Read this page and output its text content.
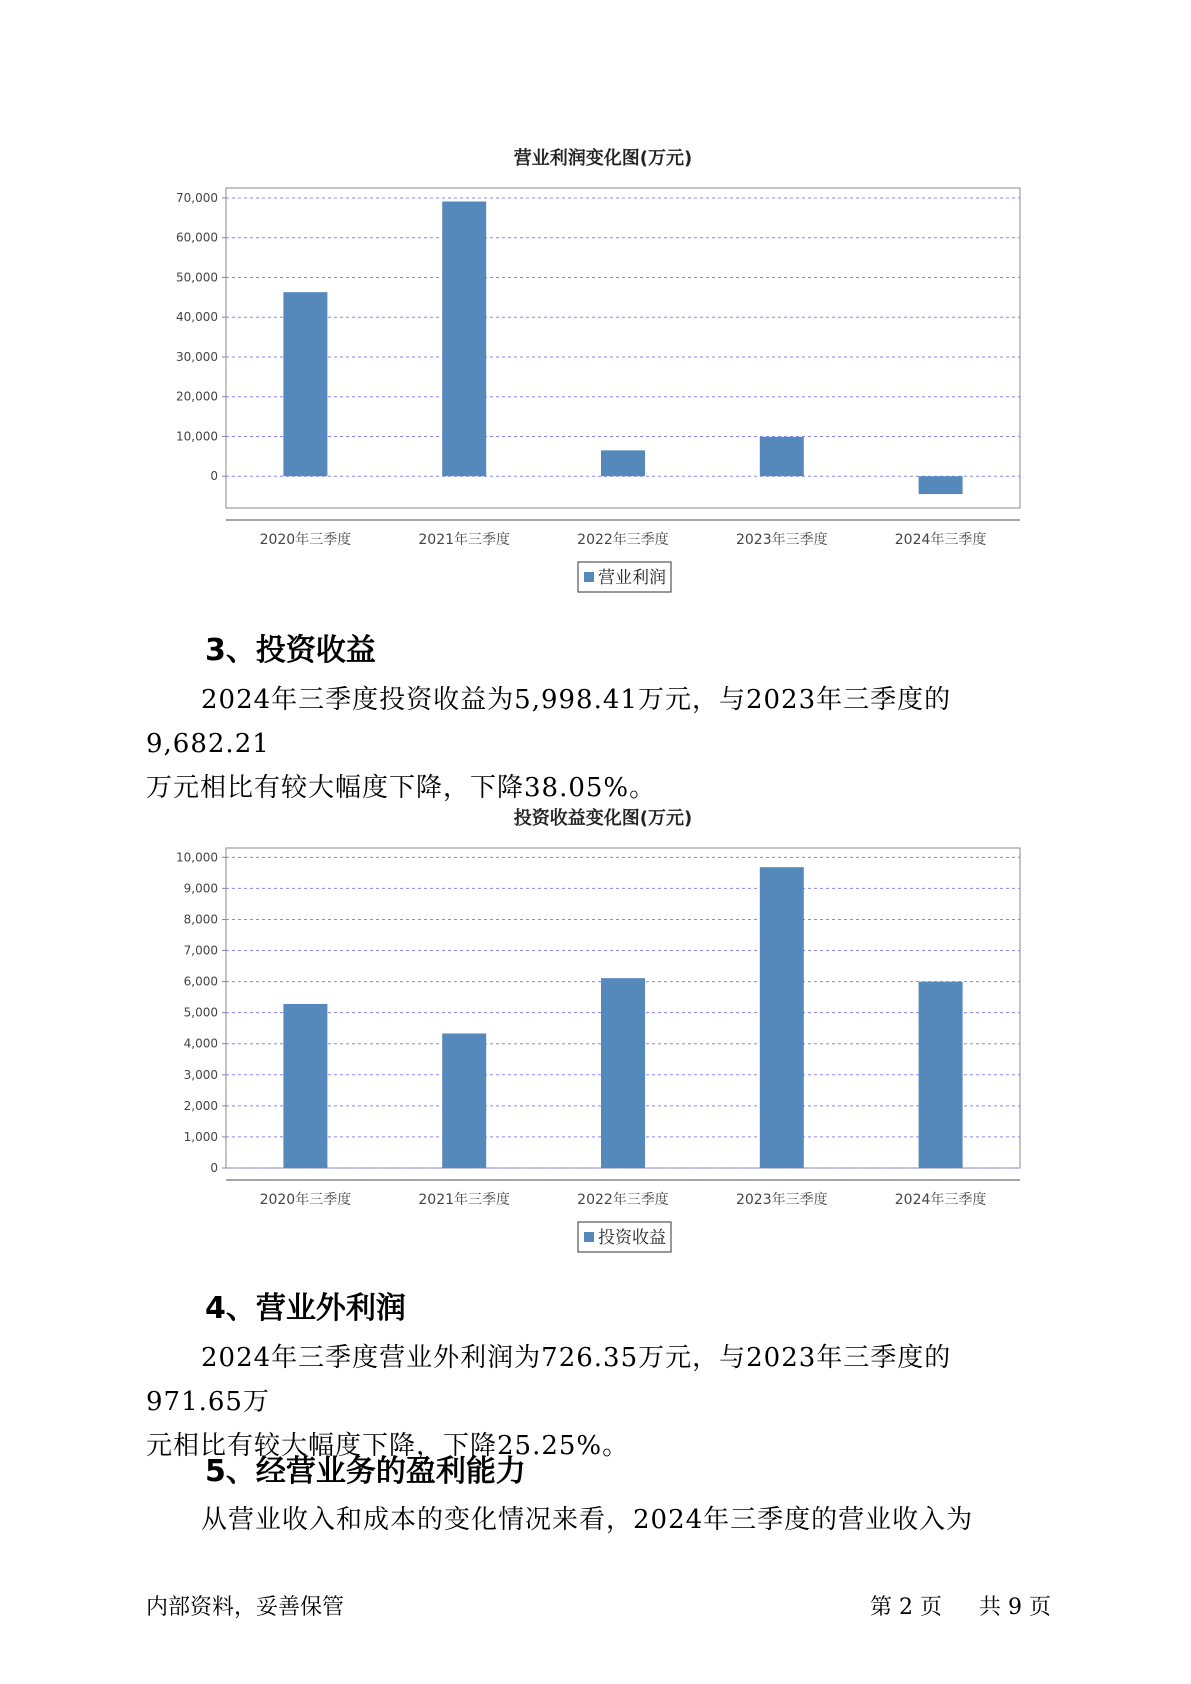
营业利润变化图(万元)
70,000
60,000
50,000
40,000
30,000
20,000
10,000
0
2020年三季度	2021年三季度	2022年三季度	2023年三季度	2024年三季度
营业利润
3、投资收益

2024年三季度投资收益为5,998.41万元，与2023年三季度的9,682.21
万元相比有较大幅度下降，下降38.05%。

投资收益变化图(万元)
10,000
9,000
8,000
7,000
6,000
5,000
4,000
3,000
2,000
1,000
0
2020年三季度	2021年三季度	2022年三季度	2023年三季度	2024年三季度
投资收益
4、营业外利润

2024年三季度营业外利润为726.35万元，与2023年三季度的971.65万
元相比有较大幅度下降，下降25.25%。

5、经营业务的盈利能力

从营业收入和成本的变化情况来看，2024年三季度的营业收入为

内部资料，妥善保管	第 2 页 共 9 页
